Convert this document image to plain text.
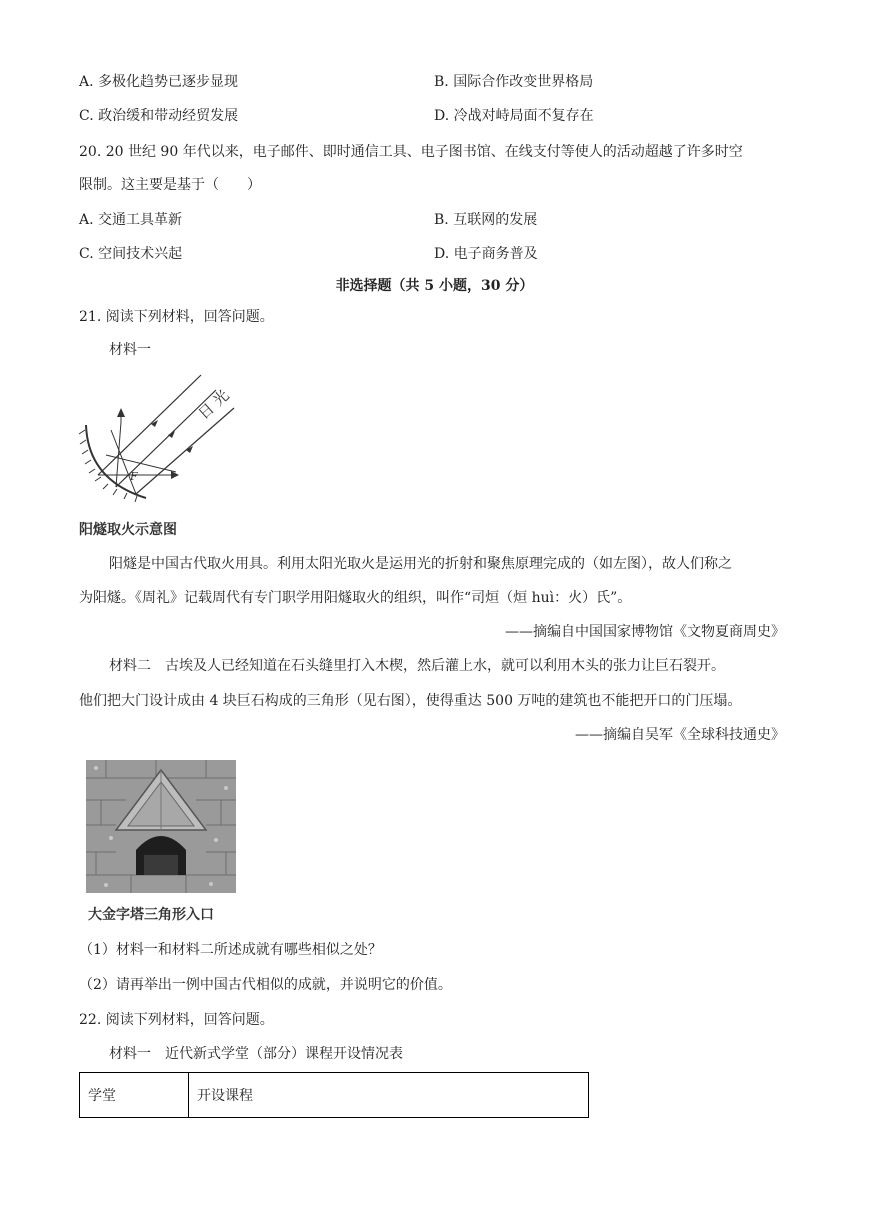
A. 多极化趋势已逐步显现	B. 国际合作改变世界格局
C. 政治缓和带动经贸发展	D. 冷战对峙局面不复存在
20. 20 世纪 90 年代以来，电子邮件、即时通信工具、电子图书馆、在线支付等使人的活动超越了许多时空
限制。这主要是基于（　　）
A. 交通工具革新	B. 互联网的发展
C. 空间技术兴起	D. 电子商务普及
非选择题（共 5 小题，30 分）
21. 阅读下列材料，回答问题。
材料一
F
日 光
阳燧取火示意图
阳燧是中国古代取火用具。利用太阳光取火是运用光的折射和聚焦原理完成的（如左图），故人们称之
为阳燧。《周礼》记载周代有专门职学用阳燧取火的组织，叫作“司烜（烜 huì：火）氏”。
——摘编自中国国家博物馆《文物夏商周史》
材料二　古埃及人已经知道在石头缝里打入木楔，然后灌上水，就可以利用木头的张力让巨石裂开。
他们把大门设计成由 4 块巨石构成的三角形（见右图），使得重达 500 万吨的建筑也不能把开口的门压塌。
——摘编自吴军《全球科技通史》
大金字塔三角形入口
（1）材料一和材料二所述成就有哪些相似之处？
（2）请再举出一例中国古代相似的成就，并说明它的价值。
22. 阅读下列材料，回答问题。
材料一　近代新式学堂（部分）课程开设情况表
学堂	开设课程
